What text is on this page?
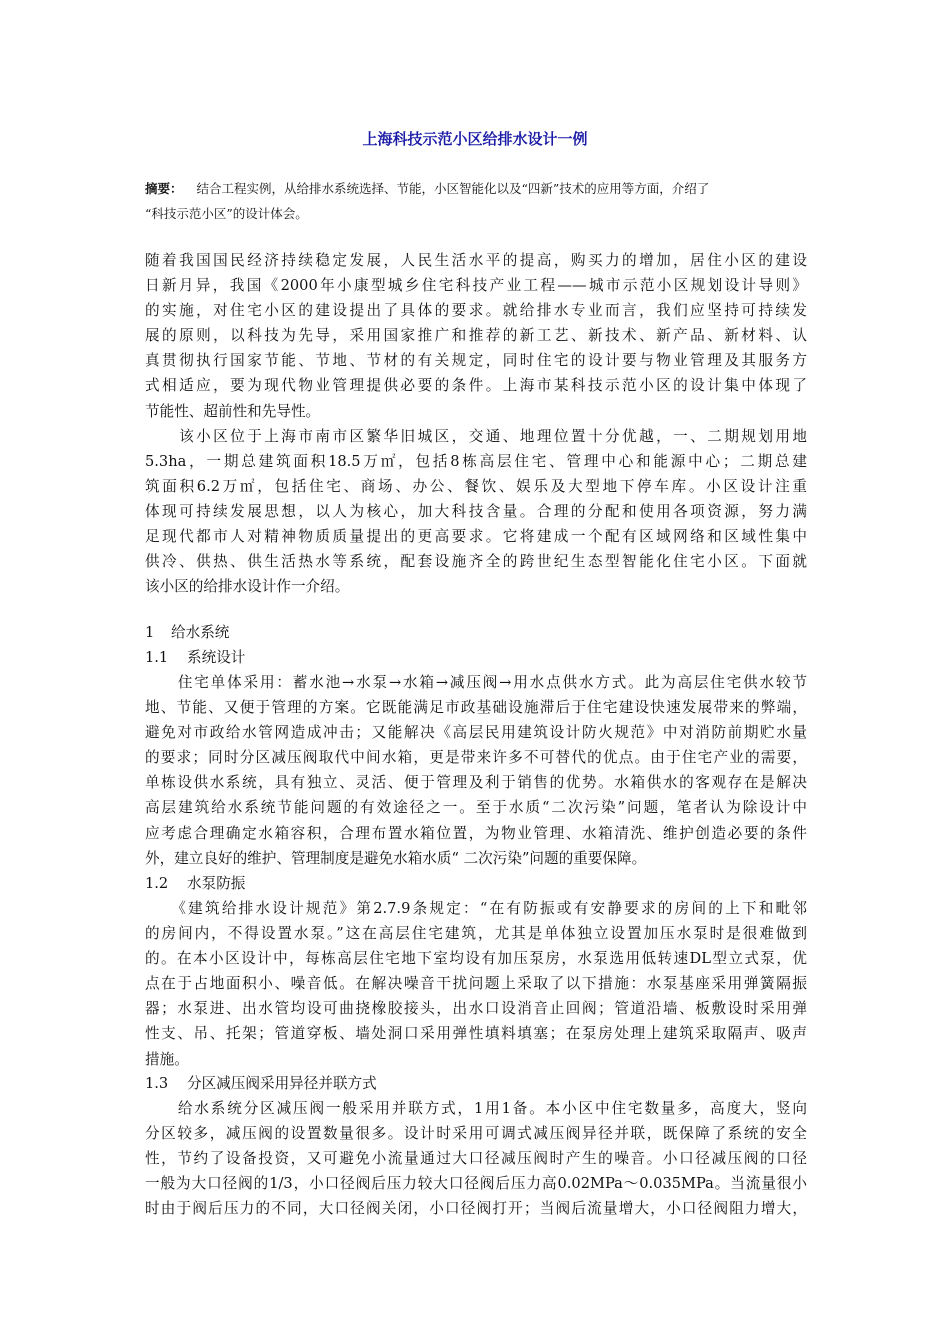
上海科技示范小区给排水设计一例
摘要： 结合工程实例，从给排水系统选择、节能，小区智能化以及“四新”技术的应用等方面，介绍了
“科技示范小区”的设计体会。
随着我国国民经济持续稳定发展，人民生活水平的提高，购买力的增加，居住小区的建设
日新月异，我国《2000年小康型城乡住宅科技产业工程——城市示范小区规划设计导则》
的实施，对住宅小区的建设提出了具体的要求。就给排水专业而言，我们应坚持可持续发
展的原则，以科技为先导，采用国家推广和推荐的新工艺、新技术、新产品、新材料、认
真贯彻执行国家节能、节地、节材的有关规定，同时住宅的设计要与物业管理及其服务方
式相适应，要为现代物业管理提供必要的条件。上海市某科技示范小区的设计集中体现了
节能性、超前性和先导性。
　　该小区位于上海市南市区繁华旧城区，交通、地理位置十分优越，一、二期规划用地
5.3ha，一期总建筑面积18.5万㎡，包括8栋高层住宅、管理中心和能源中心；二期总建
筑面积6.2万㎡，包括住宅、商场、办公、餐饮、娱乐及大型地下停车库。小区设计注重
体现可持续发展思想，以人为核心，加大科技含量。合理的分配和使用各项资源，努力满
足现代都市人对精神物质质量提出的更高要求。它将建成一个配有区域网络和区域性集中
供冷、供热、供生活热水等系统，配套设施齐全的跨世纪生态型智能化住宅小区。下面就
该小区的给排水设计作一介绍。
1 给水系统
1.1 系统设计
　　住宅单体采用：蓄水池→水泵→水箱→减压阀→用水点供水方式。此为高层住宅供水较节
地、节能、又便于管理的方案。它既能满足市政基础设施滞后于住宅建设快速发展带来的弊端，
避免对市政给水管网造成冲击；又能解决《高层民用建筑设计防火规范》中对消防前期贮水量
的要求；同时分区减压阀取代中间水箱，更是带来许多不可替代的优点。由于住宅产业的需要，
单栋设供水系统，具有独立、灵活、便于管理及利于销售的优势。水箱供水的客观存在是解决
高层建筑给水系统节能问题的有效途径之一。至于水质“二次污染”问题，笔者认为除设计中
应考虑合理确定水箱容积，合理布置水箱位置，为物业管理、水箱清洗、维护创造必要的条件
外，建立良好的维护、管理制度是避免水箱水质“ 二次污染”问题的重要保障。
1.2 水泵防振
　　《建筑给排水设计规范》第2.7.9条规定：“在有防振或有安静要求的房间的上下和毗邻
的房间内，不得设置水泵。”这在高层住宅建筑，尤其是单体独立设置加压水泵时是很难做到
的。在本小区设计中，每栋高层住宅地下室均设有加压泵房，水泵选用低转速DL型立式泵，优
点在于占地面积小、噪音低。在解决噪音干扰问题上采取了以下措施：水泵基座采用弹簧隔振
器；水泵进、出水管均设可曲挠橡胶接头，出水口设消音止回阀；管道沿墙、板敷设时采用弹
性支、吊、托架；管道穿板、墙处洞口采用弹性填料填塞；在泵房处理上建筑采取隔声、吸声
措施。
1.3 分区减压阀采用异径并联方式
　　给水系统分区减压阀一般采用并联方式，1用1备。本小区中住宅数量多，高度大，竖向
分区较多，减压阀的设置数量很多。设计时采用可调式减压阀异径并联，既保障了系统的安全
性，节约了设备投资，又可避免小流量通过大口径减压阀时产生的噪音。小口径减压阀的口径
一般为大口径阀的1/3，小口径阀后压力较大口径阀后压力高0.02MPa～0.035MPa。当流量很小
时由于阀后压力的不同，大口径阀关闭，小口径阀打开；当阀后流量增大，小口径阀阻力增大，
